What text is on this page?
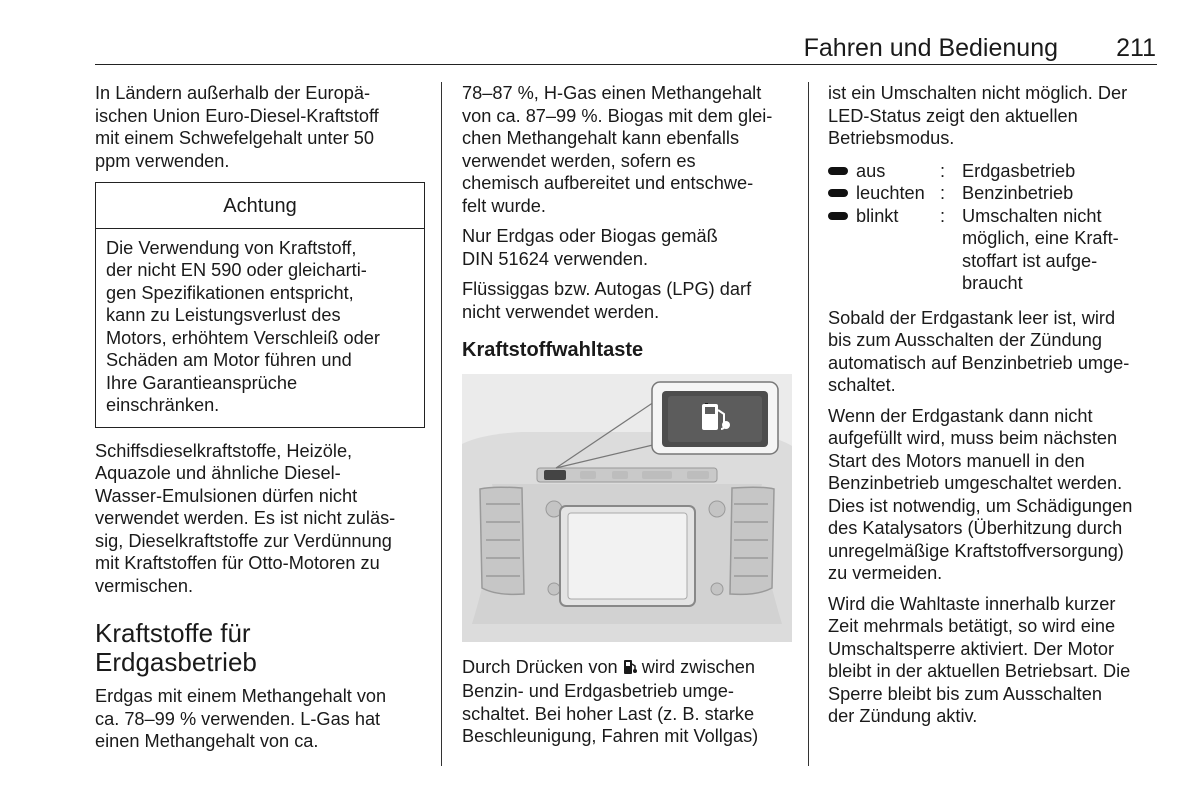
Fahren und Bedienung 211

In Ländern außerhalb der Europä-
ischen Union Euro-Diesel-Kraftstoff
mit einem Schwefelgehalt unter 50
ppm verwenden.

Achtung
Die Verwendung von Kraftstoff,
der nicht EN 590 oder gleicharti-
gen Spezifikationen entspricht,
kann zu Leistungsverlust des
Motors, erhöhtem Verschleiß oder
Schäden am Motor führen und
Ihre Garantieansprüche
einschränken.

Schiffsdieselkraftstoffe, Heizöle,
Aquazole und ähnliche Diesel-
Wasser-Emulsionen dürfen nicht
verwendet werden. Es ist nicht zuläs-
sig, Dieselkraftstoffe zur Verdünnung
mit Kraftstoffen für Otto-Motoren zu
vermischen.

Kraftstoffe für
Erdgasbetrieb

Erdgas mit einem Methangehalt von
ca. 78–99 % verwenden. L-Gas hat
einen Methangehalt von ca.

78–87 %, H-Gas einen Methangehalt
von ca. 87–99 %. Biogas mit dem glei-
chen Methangehalt kann ebenfalls
verwendet werden, sofern es
chemisch aufbereitet und entschwe-
felt wurde.

Nur Erdgas oder Biogas gemäß
DIN 51624 verwenden.

Flüssiggas bzw. Autogas (LPG) darf
nicht verwendet werden.

Kraftstoffwahltaste

Durch Drücken von  wird zwischen
Benzin- und Erdgasbetrieb umge-
schaltet. Bei hoher Last (z. B. starke
Beschleunigung, Fahren mit Vollgas)

ist ein Umschalten nicht möglich. Der
LED-Status zeigt den aktuellen
Betriebsmodus.

aus	: Erdgasbetrieb
leuchten : Benzinbetrieb
blinkt	: Umschalten nicht
möglich, eine Kraft-
stoffart ist aufge-
braucht

Sobald der Erdgastank leer ist, wird
bis zum Ausschalten der Zündung
automatisch auf Benzinbetrieb umge-
schaltet.

Wenn der Erdgastank dann nicht
aufgefüllt wird, muss beim nächsten
Start des Motors manuell in den
Benzinbetrieb umgeschaltet werden.
Dies ist notwendig, um Schädigungen
des Katalysators (Überhitzung durch
unregelmäßige Kraftstoffversorgung)
zu vermeiden.

Wird die Wahltaste innerhalb kurzer
Zeit mehrmals betätigt, so wird eine
Umschaltsperre aktiviert. Der Motor
bleibt in der aktuellen Betriebsart. Die
Sperre bleibt bis zum Ausschalten
der Zündung aktiv.
